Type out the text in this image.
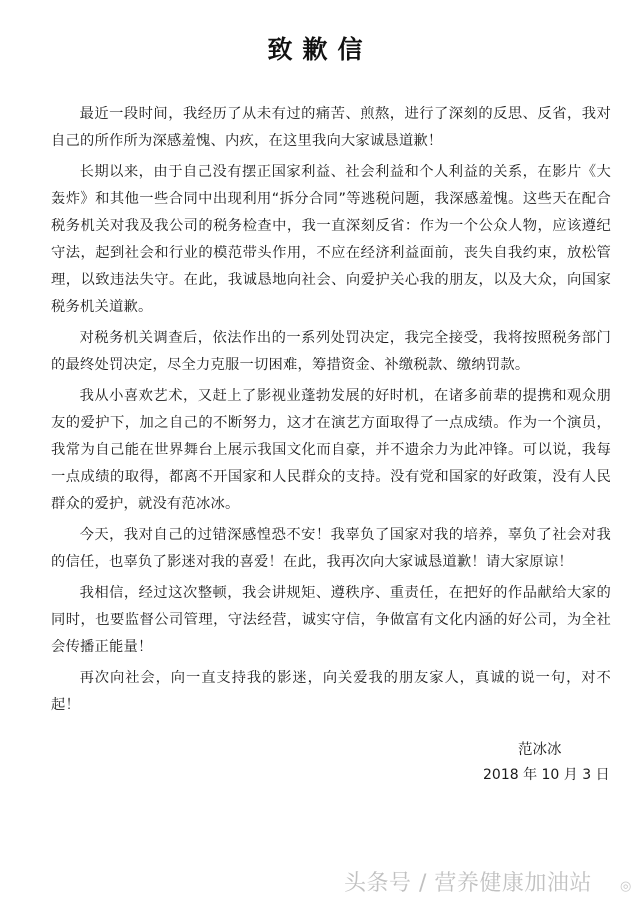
致歉信

最近一段时间，我经历了从未有过的痛苦、煎熬，进行了深刻的反思、反省，我对自己的所作所为深感羞愧、内疚，在这里我向大家诚恳道歉！

长期以来，由于自己没有摆正国家利益、社会利益和个人利益的关系，在影片《大轰炸》和其他一些合同中出现利用“拆分合同”等逃税问题，我深感羞愧。这些天在配合税务机关对我及我公司的税务检查中，我一直深刻反省：作为一个公众人物，应该遵纪守法，起到社会和行业的模范带头作用，不应在经济利益面前，丧失自我约束，放松管理，以致违法失守。在此，我诚恳地向社会、向爱护关心我的朋友，以及大众，向国家税务机关道歉。

对税务机关调查后，依法作出的一系列处罚决定，我完全接受，我将按照税务部门的最终处罚决定，尽全力克服一切困难，筹措资金、补缴税款、缴纳罚款。

我从小喜欢艺术，又赶上了影视业蓬勃发展的好时机，在诸多前辈的提携和观众朋友的爱护下，加之自己的不断努力，这才在演艺方面取得了一点成绩。作为一个演员，我常为自己能在世界舞台上展示我国文化而自豪，并不遗余力为此冲锋。可以说，我每一点成绩的取得，都离不开国家和人民群众的支持。没有党和国家的好政策，没有人民群众的爱护，就没有范冰冰。

今天，我对自己的过错深感惶恐不安！我辜负了国家对我的培养，辜负了社会对我的信任，也辜负了影迷对我的喜爱！在此，我再次向大家诚恳道歉！请大家原谅！

我相信，经过这次整顿，我会讲规矩、遵秩序、重责任，在把好的作品献给大家的同时，也要监督公司管理，守法经营，诚实守信，争做富有文化内涵的好公司，为全社会传播正能量！

再次向社会，向一直支持我的影迷，向关爱我的朋友家人，真诚的说一句，对不起！

范冰冰
2018 年 10 月 3 日
头条号 / 营养健康加油站 ◎
